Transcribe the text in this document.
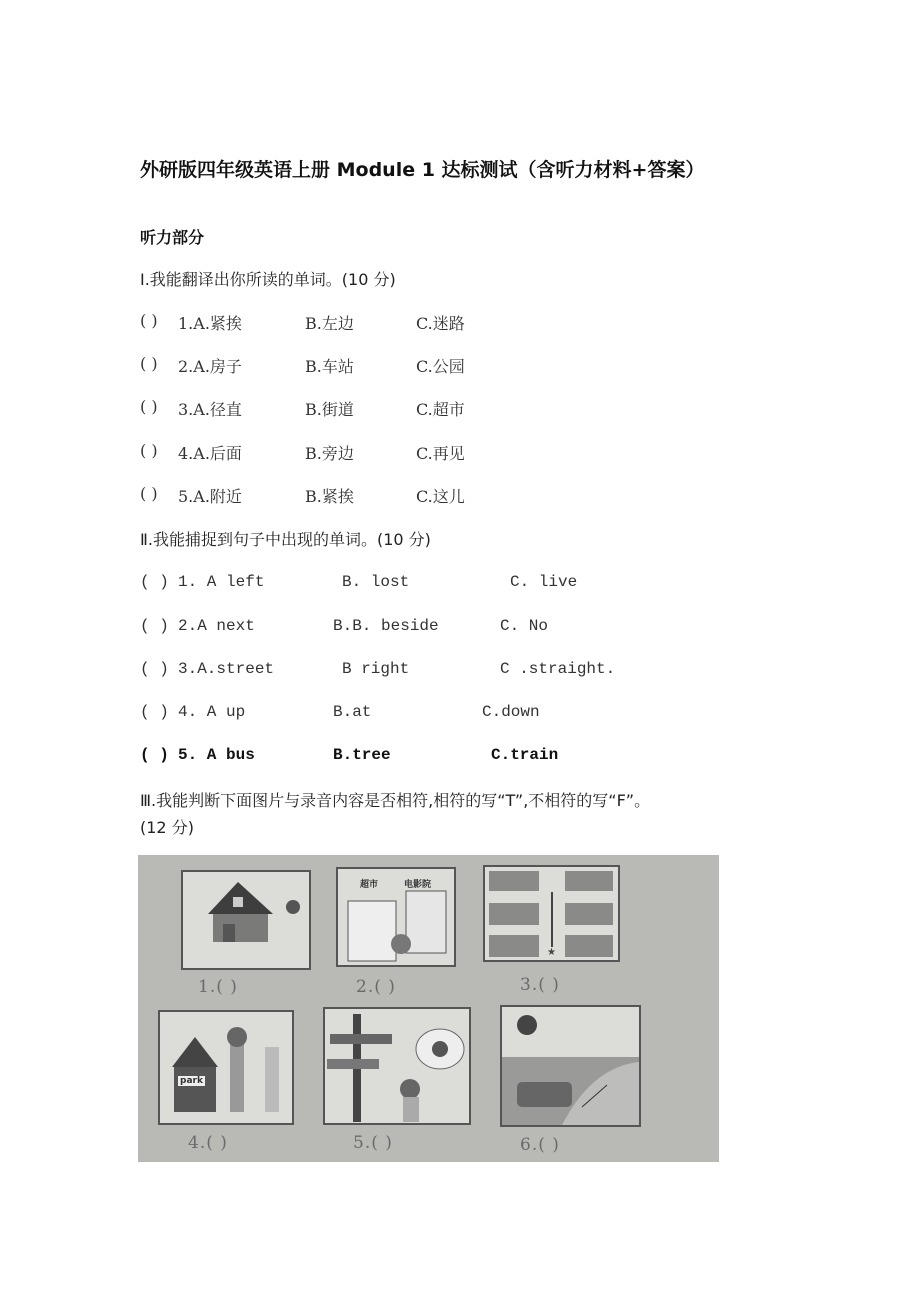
外研版四年级英语上册 Module 1 达标测试（含听力材料+答案）
听力部分
Ⅰ.我能翻译出你所读的单词。(10 分)
( ) 1.A.紧挨	B.左边	C.迷路
( ) 2.A.房子	B.车站	C.公园
( ) 3.A.径直	B.街道	C.超市
( ) 4.A.后面	B.旁边	C.再见
( ) 5.A.附近	B.紧挨	C.这儿
Ⅱ.我能捕捉到句子中出现的单词。(10 分)
( ) 1. A left	B. lost	C. live
( ) 2.A next	B.B. beside	C. No
( ) 3.A.street	B right	C .straight.
( ) 4. A up	B.at	C.down
( ) 5. A bus	B.tree	C.train
Ⅲ.我能判断下面图片与录音内容是否相符,相符的写“T”,不相符的写“F”。
(12 分)
1.( )
超市	电影院
2.( )
★
3.( )
park
4.( )	5.( )	6.( )
